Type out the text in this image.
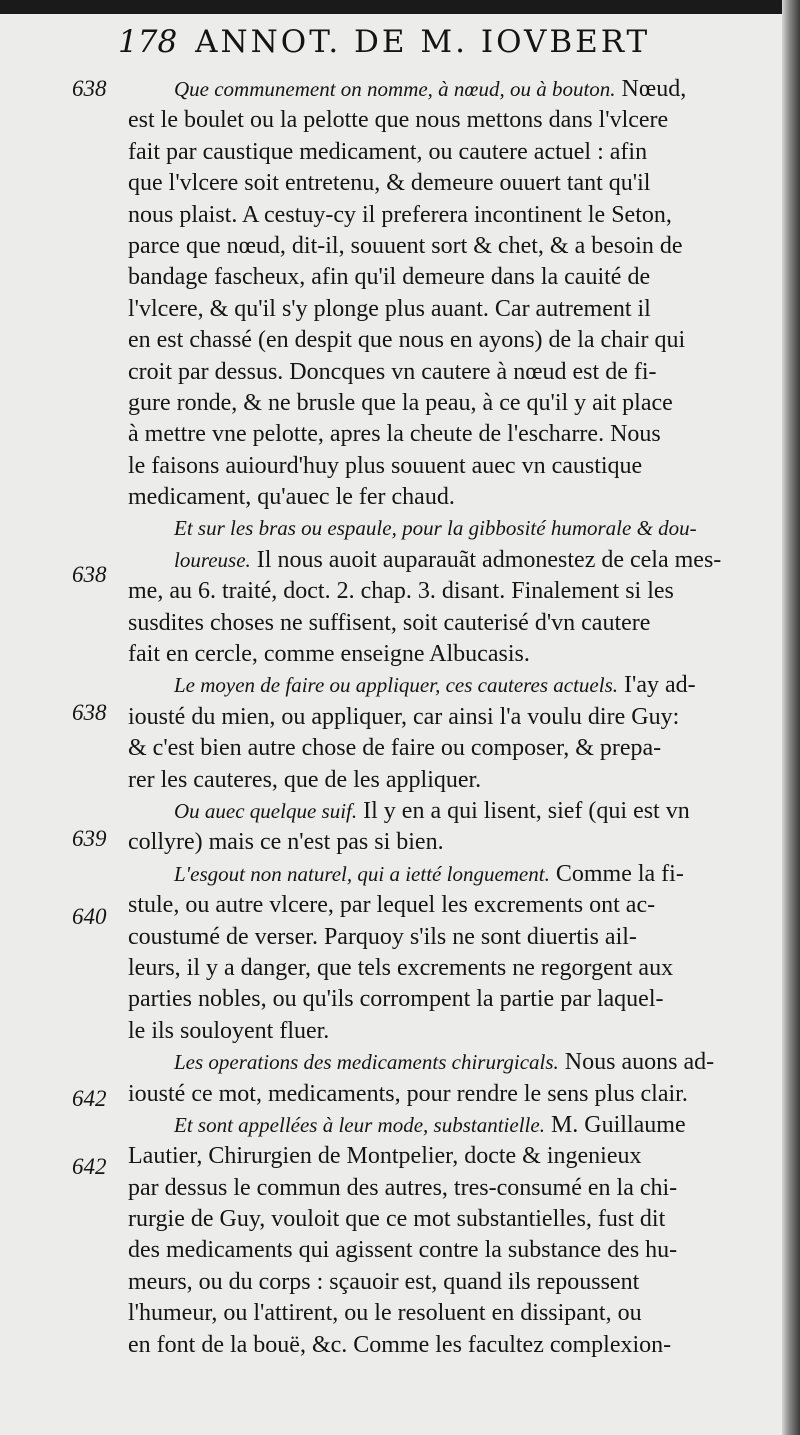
178 ANNOT. DE M. IOVBERT
638
638
638
639
640
642
642
Que communement on nomme, à nœud, ou à bouton. Nœud,
est le boulet ou la pelotte que nous mettons dans l'vlcere
fait par caustique medicament, ou cautere actuel : afin
que l'vlcere soit entretenu, & demeure ouuert tant qu'il
nous plaist. A cestuy-cy il preferera incontinent le Seton,
parce que nœud, dit-il, souuent sort & chet, & a besoin de
bandage fascheux, afin qu'il demeure dans la cauité de
l'vlcere, & qu'il s'y plonge plus auant. Car autrement il
en est chassé (en despit que nous en ayons) de la chair qui
croit par dessus. Doncques vn cautere à nœud est de fi-
gure ronde, & ne brusle que la peau, à ce qu'il y ait place
à mettre vne pelotte, apres la cheute de l'escharre. Nous
le faisons auiourd'huy plus souuent auec vn caustique
medicament, qu'auec le fer chaud.
Et sur les bras ou espaule, pour la gibbosité humorale & dou-
loureuse. Il nous auoit auparauãt admonestez de cela mes-
me, au 6. traité, doct. 2. chap. 3. disant. Finalement si les
susdites choses ne suffisent, soit cauterisé d'vn cautere
fait en cercle, comme enseigne Albucasis.
Le moyen de faire ou appliquer, ces cauteres actuels. I'ay ad-
iousté du mien, ou appliquer, car ainsi l'a voulu dire Guy:
& c'est bien autre chose de faire ou composer, & prepa-
rer les cauteres, que de les appliquer.
Ou auec quelque suif. Il y en a qui lisent, sief (qui est vn
collyre) mais ce n'est pas si bien.
L'esgout non naturel, qui a ietté longuement. Comme la fi-
stule, ou autre vlcere, par lequel les excrements ont ac-
coustumé de verser. Parquoy s'ils ne sont diuertis ail-
leurs, il y a danger, que tels excrements ne regorgent aux
parties nobles, ou qu'ils corrompent la partie par laquel-
le ils souloyent fluer.
Les operations des medicaments chirurgicals. Nous auons ad-
iousté ce mot, medicaments, pour rendre le sens plus clair.
Et sont appellées à leur mode, substantielle. M. Guillaume
Lautier, Chirurgien de Montpelier, docte & ingenieux
par dessus le commun des autres, tres-consumé en la chi-
rurgie de Guy, vouloit que ce mot substantielles, fust dit
des medicaments qui agissent contre la substance des hu-
meurs, ou du corps : sçauoir est, quand ils repoussent
l'humeur, ou l'attirent, ou le resoluent en dissipant, ou
en font de la bouë, &c. Comme les facultez complexion-
